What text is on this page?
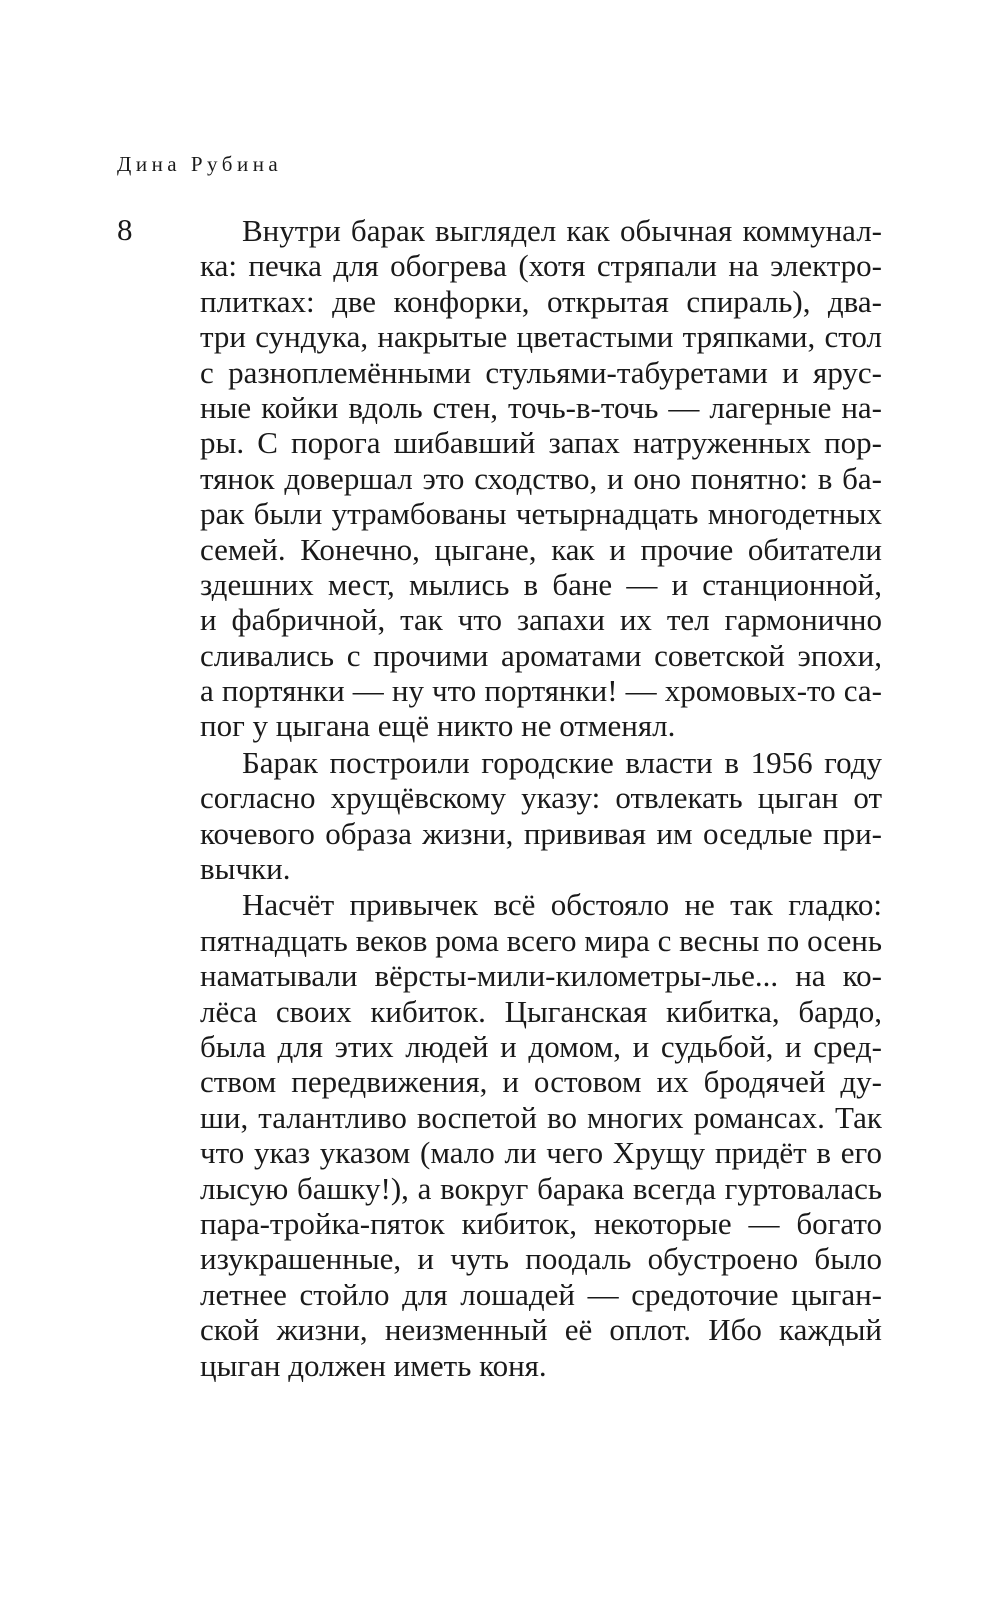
Дина Рубина
8	Внутри барак выглядел как обычная коммунал-
ка: печка для обогрева (хотя стряпали на электро-
плитках: две конфорки, открытая спираль), два-
три сундука, накрытые цветастыми тряпками, стол
с разноплемёнными стульями-табуретами и ярус-
ные койки вдоль стен, точь-в-точь — лагерные на-
ры. С порога шибавший запах натруженных пор-
тянок довершал это сходство, и оно понятно: в ба-
рак были утрамбованы четырнадцать многодетных
семей. Конечно, цыгане, как и прочие обитатели
здешних мест, мылись в бане — и станционной,
и фабричной, так что запахи их тел гармонично
сливались с прочими ароматами советской эпохи,
а портянки — ну что портянки! — хромовых-то са-
пог у цыгана ещё никто не отменял.
Барак построили городские власти в 1956 году
согласно хрущёвскому указу: отвлекать цыган от
кочевого образа жизни, прививая им оседлые при-
вычки.
Насчёт привычек всё обстояло не так гладко:
пятнадцать веков рома всего мира с весны по осень
наматывали вёрсты-мили-километры-лье... на ко-
лёса своих кибиток. Цыганская кибитка, бардо,
была для этих людей и домом, и судьбой, и сред-
ством передвижения, и остовом их бродячей ду-
ши, талантливо воспетой во многих романсах. Так
что указ указом (мало ли чего Хрущу придёт в его
лысую башку!), а вокруг барака всегда гуртовалась
пара-тройка-пяток кибиток, некоторые — богато
изукрашенные, и чуть поодаль обустроено было
летнее стойло для лошадей — средоточие цыган-
ской жизни, неизменный её оплот. Ибо каждый
цыган должен иметь коня.
